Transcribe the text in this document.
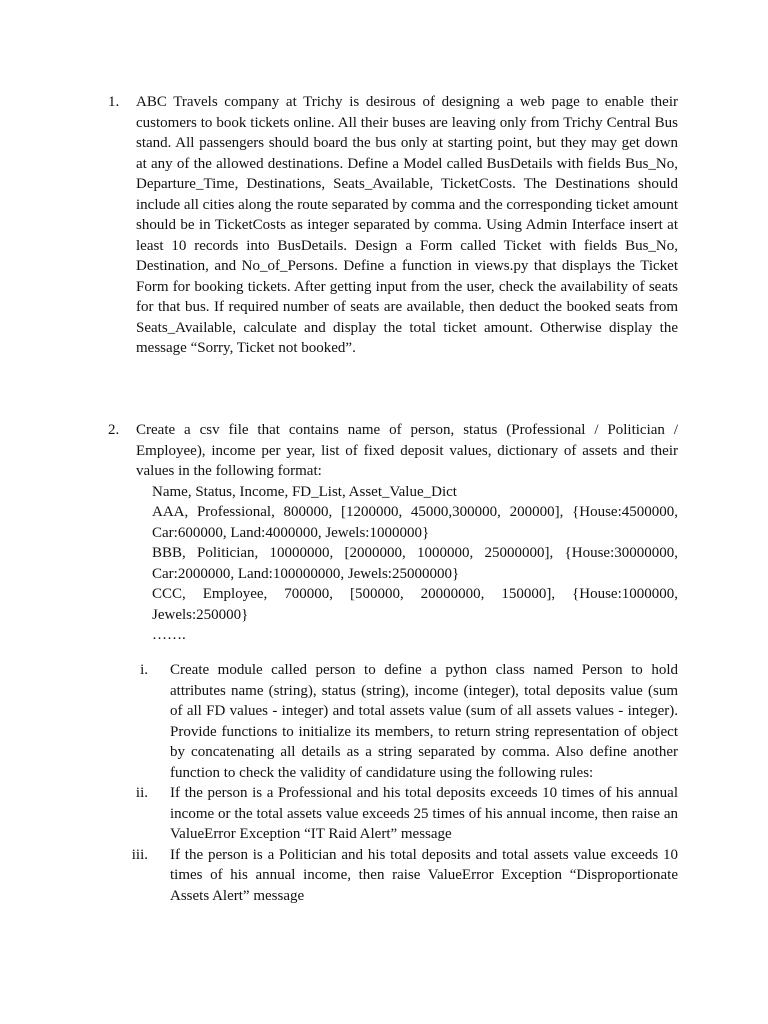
1.	ABC Travels company at Trichy is desirous of designing a web page to enable their customers to book tickets online. All their buses are leaving only from Trichy Central Bus stand. All passengers should board the bus only at starting point, but they may get down at any of the allowed destinations. Define a Model called BusDetails with fields Bus_No, Departure_Time, Destinations, Seats_Available, TicketCosts. The Destinations should include all cities along the route separated by comma and the corresponding ticket amount should be in TicketCosts as integer separated by comma. Using Admin Interface insert at least 10 records into BusDetails. Design a Form called Ticket with fields Bus_No, Destination, and No_of_Persons. Define a function in views.py that displays the Ticket Form for booking tickets. After getting input from the user, check the availability of seats for that bus. If required number of seats are available, then deduct the booked seats from Seats_Available, calculate and display the total ticket amount. Otherwise display the message “Sorry, Ticket not booked”.

2.	Create a csv file that contains name of person, status (Professional / Politician / Employee), income per year, list of fixed deposit values, dictionary of assets and their values in the following format:

Name, Status, Income, FD_List, Asset_Value_Dict
AAA, Professional, 800000, [1200000, 45000,300000, 200000], {House:4500000, Car:600000, Land:4000000, Jewels:1000000}
BBB, Politician, 10000000, [2000000, 1000000, 25000000], {House:30000000, Car:2000000, Land:100000000, Jewels:25000000}
CCC, Employee, 700000, [500000, 20000000, 150000], {House:1000000, Jewels:250000}
…….
i. Create module called person to define a python class named Person to hold attributes name (string), status (string), income (integer), total deposits value (sum of all FD values - integer) and total assets value (sum of all assets values - integer). Provide functions to initialize its members, to return string representation of object by concatenating all details as a string separated by comma. Also define another function to check the validity of candidature using the following rules:
ii. If the person is a Professional and his total deposits exceeds 10 times of his annual income or the total assets value exceeds 25 times of his annual income, then raise an ValueError Exception “IT Raid Alert” message
iii. If the person is a Politician and his total deposits and total assets value exceeds 10 times of his annual income, then raise ValueError Exception “Disproportionate Assets Alert” message
